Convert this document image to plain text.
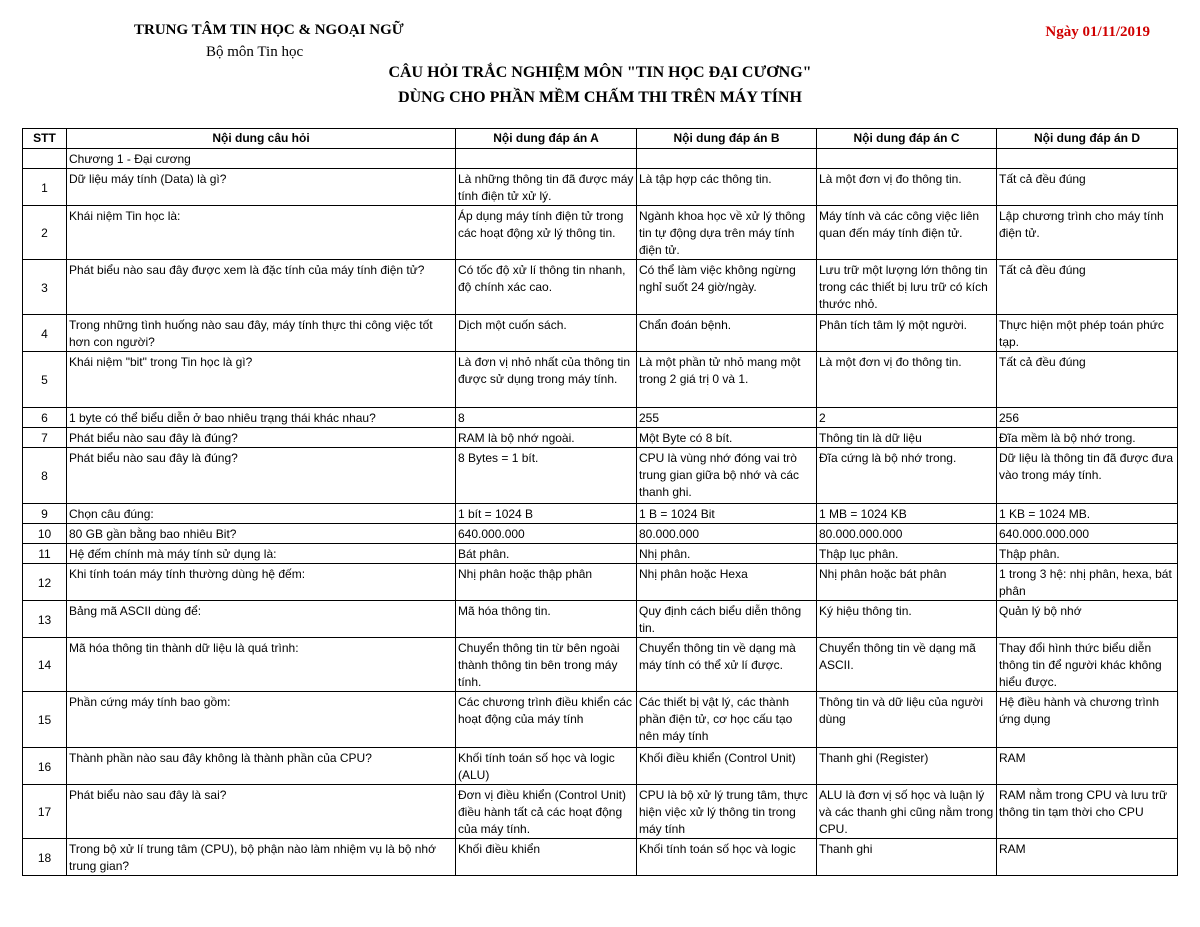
TRUNG TÂM TIN HỌC & NGOẠI NGỮ
Bộ môn Tin học
Ngày 01/11/2019
CÂU HỎI TRẮC NGHIỆM MÔN "TIN HỌC ĐẠI CƯƠNG"
DÙNG CHO PHẦN MỀM CHẤM THI TRÊN MÁY TÍNH
STT	Nội dung câu hỏi	Nội dung đáp án A	Nội dung đáp án B	Nội dung đáp án C	Nội dung đáp án D
	Chương 1 - Đại cương				
1	Dữ liệu máy tính (Data) là gì?	Là những thông tin đã được máy tính điện tử xử lý.	Là tập hợp các thông tin.	Là một đơn vị đo thông tin.	Tất cả đều đúng
2	Khái niệm Tin học là:	Áp dụng máy tính điện tử trong các hoạt động xử lý thông tin.	Ngành khoa học về xử lý thông tin tự động dựa trên máy tính điện tử.	Máy tính và các công việc liên quan đến máy tính điện tử.	Lập chương trình cho máy tính điện tử.
3	Phát biểu nào sau đây được xem là đặc tính của máy tính điện tử?	Có tốc độ xử lí thông tin nhanh, độ chính xác cao.	Có thể làm việc không ngừng nghỉ suốt 24 giờ/ngày.	Lưu trữ một lượng lớn thông tin trong các thiết bị lưu trữ có kích thước nhỏ.	Tất cả đều đúng
4	Trong những tình huống nào sau đây, máy tính thực thi công việc tốt hơn con người?	Dịch một cuốn sách.	Chẩn đoán bệnh.	Phân tích tâm lý một người.	Thực hiện một phép toán phức tạp.
5	Khái niệm "bit" trong Tin học là gì?	Là đơn vị nhỏ nhất của thông tin được sử dụng trong máy tính.	Là một phần tử nhỏ mang một trong 2 giá trị 0 và 1.	Là một đơn vị đo thông tin.	Tất cả đều đúng
6	1 byte có thể biểu diễn ở bao nhiêu trạng thái khác nhau?	8	255	2	256
7	Phát biểu nào sau đây là đúng?	RAM là bộ nhớ ngoài.	Một Byte có 8 bít.	Thông tin là dữ liệu	Đĩa mềm là bộ nhớ trong.
8	Phát biểu nào sau đây là đúng?	8 Bytes = 1 bít.	CPU là vùng nhớ đóng vai trò trung gian giữa bộ nhớ và các thanh ghi.	Đĩa cứng là bộ nhớ trong.	Dữ liệu là thông tin đã được đưa vào trong máy tính.
9	Chọn câu đúng:	1 bít = 1024 B	1 B = 1024 Bit	1 MB = 1024 KB	1 KB = 1024 MB.
10	80 GB gần bằng bao nhiêu Bit?	640.000.000	80.000.000	80.000.000.000	640.000.000.000
11	Hệ đếm chính mà máy tính sử dụng là:	Bát phân.	Nhị phân.	Thập lục phân.	Thập phân.
12	Khi tính toán máy tính thường dùng hệ đếm:	Nhị phân hoặc thập phân	Nhị phân hoặc Hexa	Nhị phân hoặc bát phân	1 trong 3 hệ: nhị phân, hexa, bát phân
13	Bảng mã ASCII dùng để:	Mã hóa thông tin.	Quy định cách biểu diễn thông tin.	Ký hiệu thông tin.	Quản lý bộ nhớ
14	Mã hóa thông tin thành dữ liệu là quá trình:	Chuyển thông tin từ bên ngoài thành thông tin bên trong máy tính.	Chuyển thông tin về dạng mà máy tính có thể xử lí được.	Chuyển thông tin về dạng mã ASCII.	Thay đổi hình thức biểu diễn thông tin để người khác không hiểu được.
15	Phần cứng máy tính bao gồm:	Các chương trình điều khiển các hoạt động của máy tính	Các thiết bị vật lý, các thành phần điện tử, cơ học cấu tạo nên máy tính	Thông tin và dữ liệu của người dùng	Hệ điều hành và chương trình ứng dụng
16	Thành phần nào sau đây không là thành phần của CPU?	Khối tính toán số học và logic (ALU)	Khối điều khiển (Control Unit)	Thanh ghi (Register)	RAM
17	Phát biểu nào sau đây là sai?	Đơn vị điều khiển (Control Unit) điều hành tất cả các hoạt động của máy tính.	CPU là bộ xử lý trung tâm, thực hiện việc xử lý thông tin trong máy tính	ALU là đơn vị số học và luận lý và các thanh ghi cũng nằm trong CPU.	RAM nằm trong CPU và lưu trữ thông tin tạm thời cho CPU
18	Trong bộ xử lí trung tâm (CPU), bộ phận nào làm nhiệm vụ là bộ nhớ trung gian?	Khối điều khiển	Khối tính toán số học và logic	Thanh ghi	RAM
